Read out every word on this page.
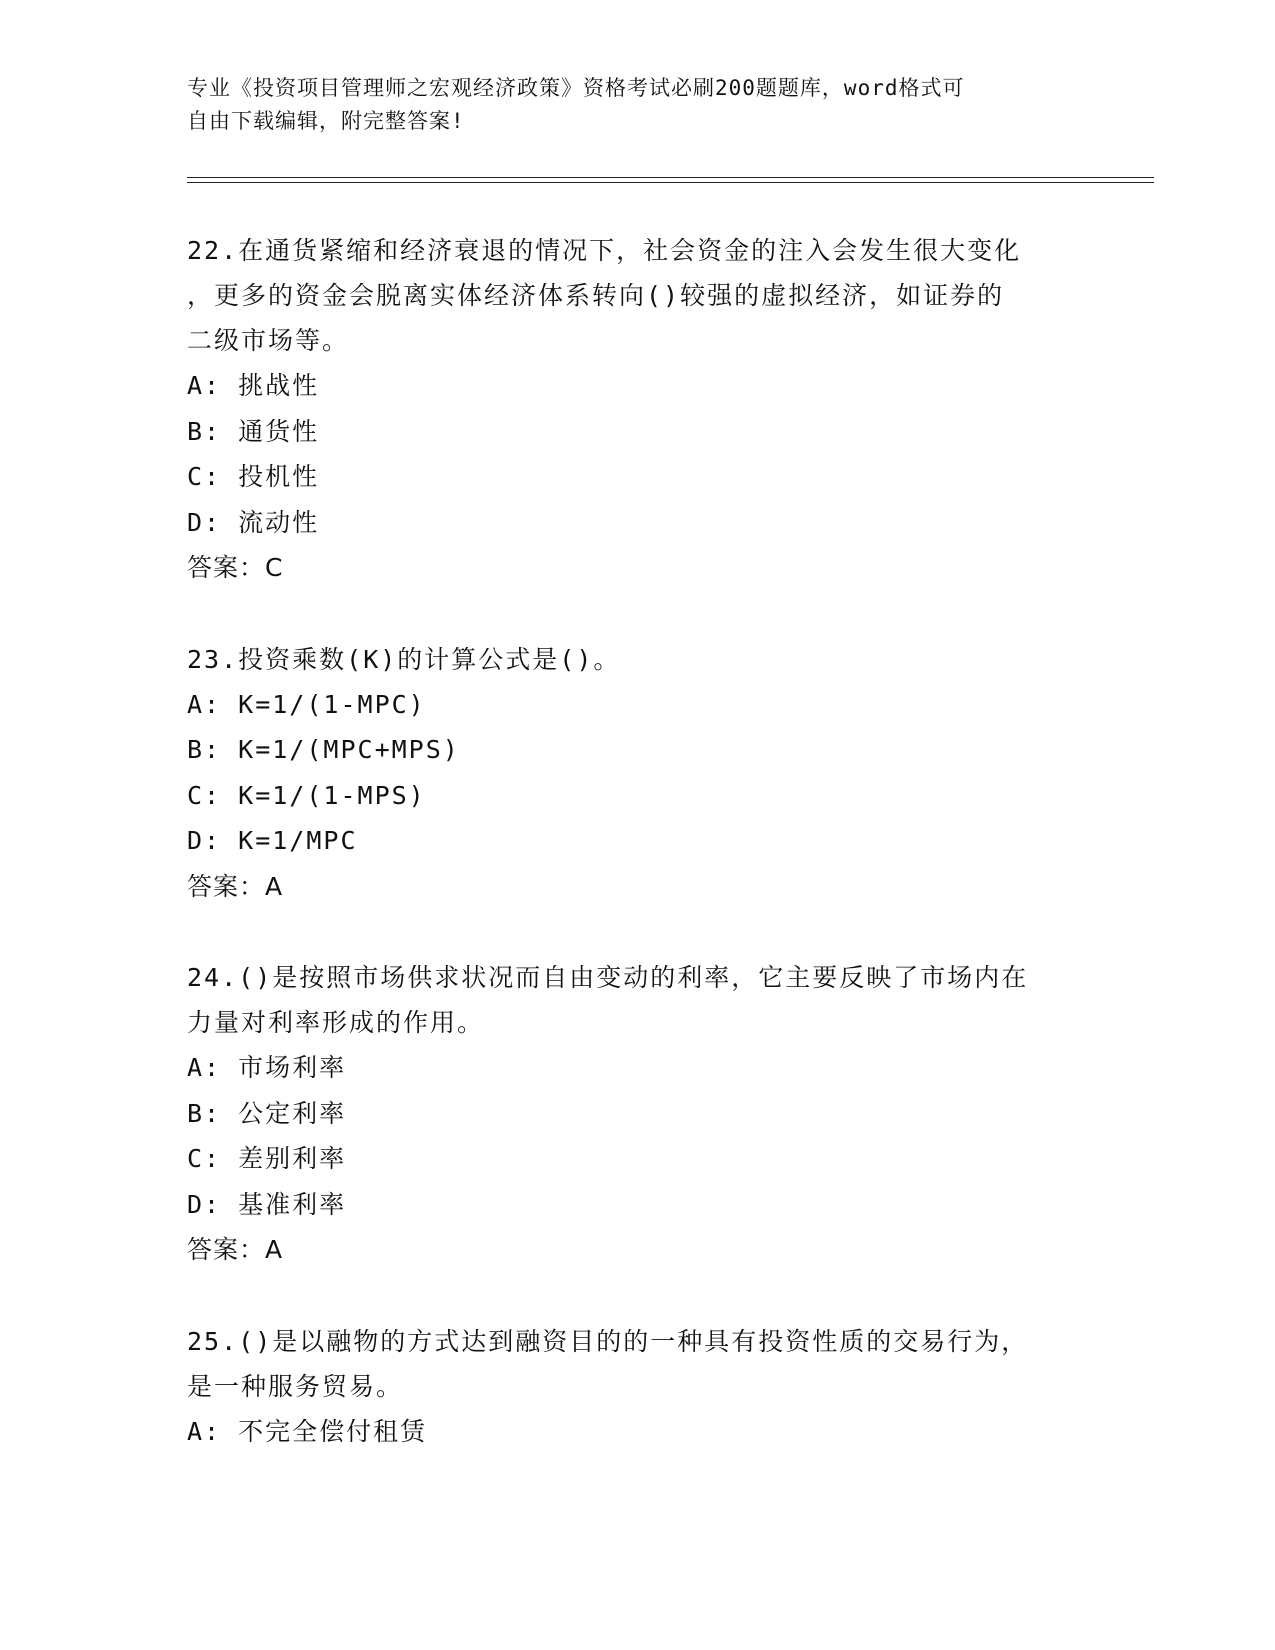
专业《投资项目管理师之宏观经济政策》资格考试必刷200题题库，word格式可
自由下载编辑，附完整答案!
22.在通货紧缩和经济衰退的情况下，社会资金的注入会发生很大变化
，更多的资金会脱离实体经济体系转向()较强的虚拟经济，如证券的
二级市场等。
A: 挑战性
B: 通货性
C: 投机性
D: 流动性
答案：C
23.投资乘数(K)的计算公式是()。
A: K=1/(1-MPC)
B: K=1/(MPC+MPS)
C: K=1/(1-MPS)
D: K=1/MPC
答案：A
24.()是按照市场供求状况而自由变动的利率，它主要反映了市场内在
力量对利率形成的作用。
A: 市场利率
B: 公定利率
C: 差别利率
D: 基准利率
答案：A
25.()是以融物的方式达到融资目的的一种具有投资性质的交易行为，
是一种服务贸易。
A: 不完全偿付租赁
